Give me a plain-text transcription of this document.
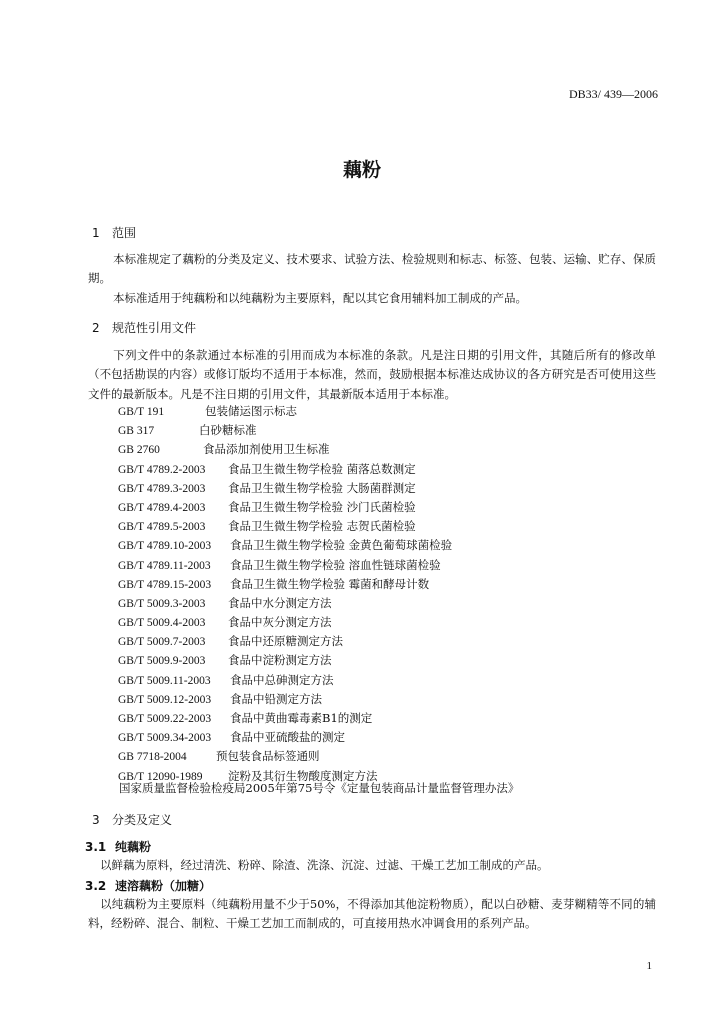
DB33/ 439—2006
藕粉
1 范围
本标准规定了藕粉的分类及定义、技术要求、试验方法、检验规则和标志、标签、包装、运输、贮存、保质期。
本标准适用于纯藕粉和以纯藕粉为主要原料，配以其它食用辅料加工制成的产品。
2 规范性引用文件
下列文件中的条款通过本标准的引用而成为本标准的条款。凡是注日期的引用文件，其随后所有的修改单（不包括勘误的内容）或修订版均不适用于本标准，然而，鼓励根据本标准达成协议的各方研究是否可使用这些文件的最新版本。凡是不注日期的引用文件，其最新版本适用于本标准。
GB/T 191	包装储运图示标志
GB 317	白砂糖标准
GB 2760	食品添加剂使用卫生标准
GB/T 4789.2-2003 食品卫生微生物学检验 菌落总数测定
GB/T 4789.3-2003 食品卫生微生物学检验 大肠菌群测定
GB/T 4789.4-2003 食品卫生微生物学检验 沙门氏菌检验
GB/T 4789.5-2003 食品卫生微生物学检验 志贺氏菌检验
GB/T 4789.10-2003 食品卫生微生物学检验 金黄色葡萄球菌检验
GB/T 4789.11-2003 食品卫生微生物学检验 溶血性链球菌检验
GB/T 4789.15-2003 食品卫生微生物学检验 霉菌和酵母计数
GB/T 5009.3-2003 食品中水分测定方法
GB/T 5009.4-2003 食品中灰分测定方法
GB/T 5009.7-2003 食品中还原糖测定方法
GB/T 5009.9-2003 食品中淀粉测定方法
GB/T 5009.11-2003 食品中总砷测定方法
GB/T 5009.12-2003 食品中铅测定方法
GB/T 5009.22-2003 食品中黄曲霉毒素B1的测定
GB/T 5009.34-2003 食品中亚硫酸盐的测定
GB 7718-2004	预包装食品标签通则
GB/T 12090-1989 淀粉及其衍生物酸度测定方法
国家质量监督检验检疫局2005年第75号令《定量包装商品计量监督管理办法》
3 分类及定义
3.1 纯藕粉
以鲜藕为原料，经过清洗、粉碎、除渣、洗涤、沉淀、过滤、干燥工艺加工制成的产品。
3.2 速溶藕粉（加糖）
以纯藕粉为主要原料（纯藕粉用量不少于50%，不得添加其他淀粉物质），配以白砂糖、麦芽糊精等不同的辅料，经粉碎、混合、制粒、干燥工艺加工而制成的，可直接用热水冲调食用的系列产品。
1
